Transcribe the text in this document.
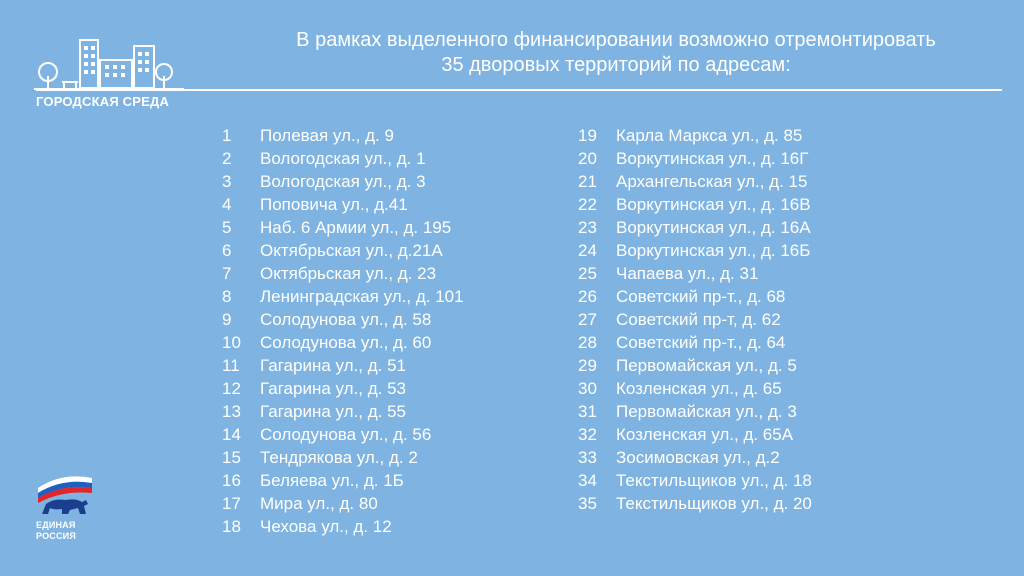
ГОРОДСКАЯ СРЕДА
В рамках выделенного финансировании возможно отремонтировать
35 дворовых территорий по адресам:
1	Полевая ул., д. 9
2	Вологодская ул., д. 1
3	Вологодская ул., д. 3
4	Поповича ул., д.41
5	Наб. 6 Армии ул., д. 195
6	Октябрьская ул., д.21А
7	Октябрьская ул., д. 23
8	Ленинградская ул., д. 101
9	Солодунова ул., д. 58
10	Солодунова ул., д. 60
11	Гагарина ул., д. 51
12	Гагарина ул., д. 53
13	Гагарина ул., д. 55
14	Солодунова ул., д. 56
15	Тендрякова ул., д. 2
16	Беляева ул., д. 1Б
17	Мира ул., д. 80
18	Чехова ул., д. 12
19	Карла Маркса ул., д. 85
20	Воркутинская ул., д. 16Г
21	Архангельская ул., д. 15
22	Воркутинская ул., д. 16В
23	Воркутинская ул., д. 16А
24	Воркутинская ул., д. 16Б
25	Чапаева ул., д. 31
26	Советский пр-т., д. 68
27	Советский пр-т, д. 62
28	Советский пр-т., д. 64
29	Первомайская ул., д. 5
30	Козленская ул., д. 65
31	Первомайская ул., д. 3
32	Козленская ул., д. 65А
33	Зосимовская ул., д.2
34	Текстильщиков ул., д. 18
35	Текстильщиков ул., д. 20
ЕДИНАЯ
РОССИЯ
